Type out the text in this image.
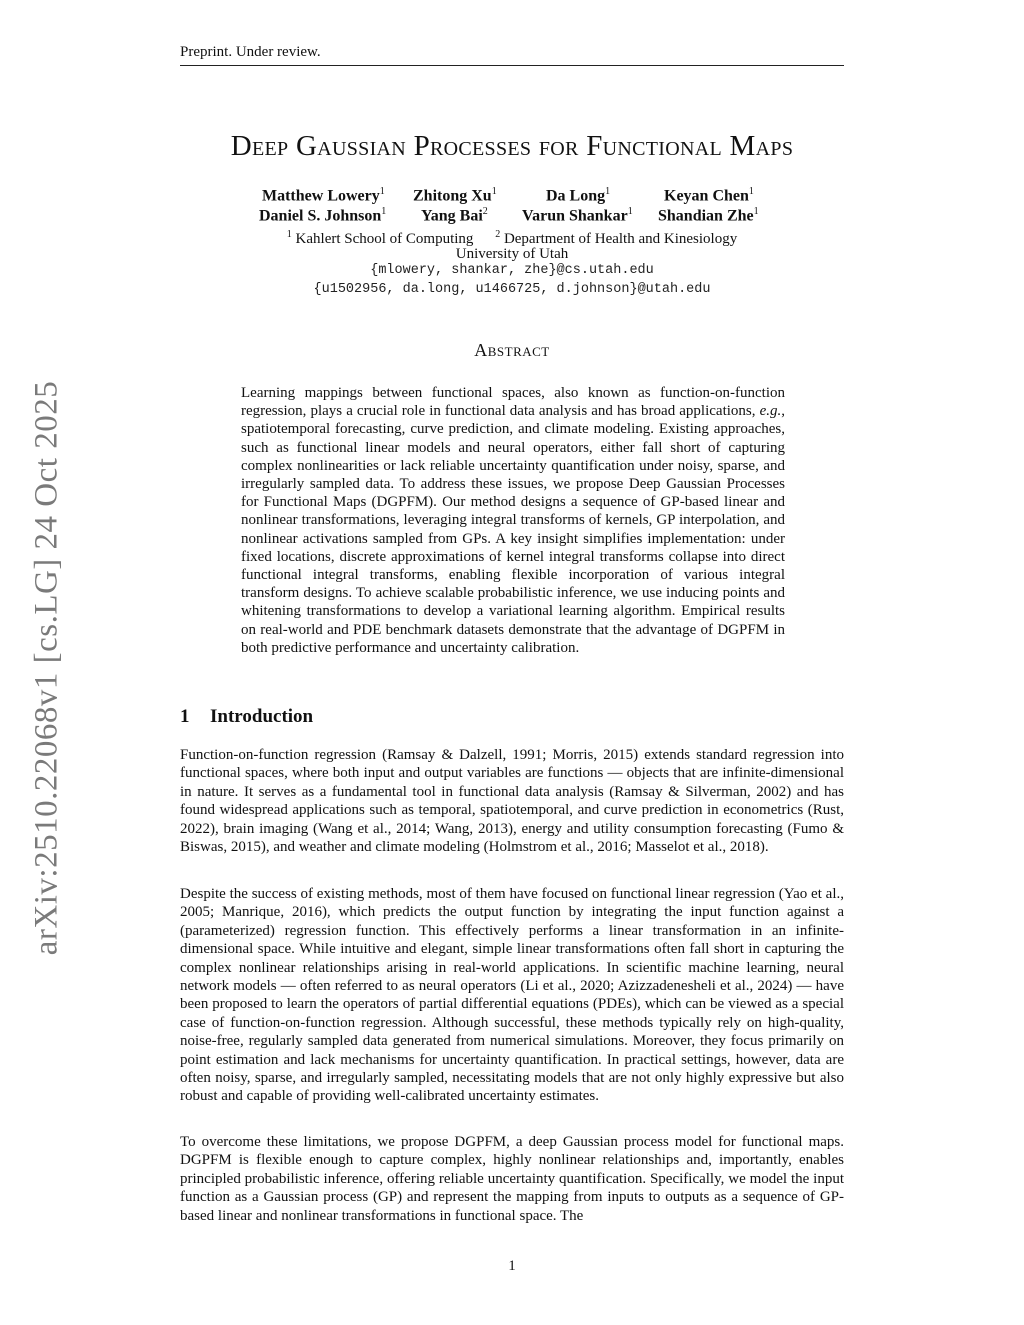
Preprint. Under review.
arXiv:2510.22068v1 [cs.LG] 24 Oct 2025
Deep Gaussian Processes for Functional Maps
Matthew Lowery$^1$ Zhitong Xu$^1$	Da Long$^1$	Keyan Chen$^1$
Daniel S. Johnson$^1$ Yang Bai$^2$ Varun Shankar$^1$ Shandian Zhe$^1$
$^1$ Kahlert School of Computing $^2$ Department of Health and Kinesiology
University of Utah
{mlowery, shankar, zhe}@cs.utah.edu
{u1502956, da.long, u1466725, d.johnson}@utah.edu
Abstract

Learning mappings between functional spaces, also known as function-on-function regression, plays a crucial role in functional data analysis and has broad applications, e.g., spatiotemporal forecasting, curve prediction, and climate modeling. Existing approaches, such as functional linear models and neural operators, either fall short of capturing complex nonlinearities or lack reliable uncertainty quantification under noisy, sparse, and irregularly sampled data. To address these issues, we propose Deep Gaussian Processes for Functional Maps (DGPFM). Our method designs a sequence of GP-based linear and nonlinear transformations, leveraging integral transforms of kernels, GP interpolation, and nonlinear activations sampled from GPs. A key insight simplifies implementation: under fixed locations, discrete approximations of kernel integral transforms collapse into direct functional integral transforms, enabling flexible incorporation of various integral transform designs. To achieve scalable probabilistic inference, we use inducing points and whitening transformations to develop a variational learning algorithm. Empirical results on real-world and PDE benchmark datasets demonstrate that the advantage of DGPFM in both predictive performance and uncertainty calibration.

1 Introduction

Function-on-function regression (Ramsay & Dalzell, 1991; Morris, 2015) extends standard regression into functional spaces, where both input and output variables are functions — objects that are infinite-dimensional in nature. It serves as a fundamental tool in functional data analysis (Ramsay & Silverman, 2002) and has found widespread applications such as temporal, spatiotemporal, and curve prediction in econometrics (Rust, 2022), brain imaging (Wang et al., 2014; Wang, 2013), energy and utility consumption forecasting (Fumo & Biswas, 2015), and weather and climate modeling (Holmstrom et al., 2016; Masselot et al., 2018).

Despite the success of existing methods, most of them have focused on functional linear regression (Yao et al., 2005; Manrique, 2016), which predicts the output function by integrating the input function against a (parameterized) regression function. This effectively performs a linear transformation in an infinite-dimensional space. While intuitive and elegant, simple linear transformations often fall short in capturing the complex nonlinear relationships arising in real-world applications. In scientific machine learning, neural network models — often referred to as neural operators (Li et al., 2020; Azizzadenesheli et al., 2024) — have been proposed to learn the operators of partial differential equations (PDEs), which can be viewed as a special case of function-on-function regression. Although successful, these methods typically rely on high-quality, noise-free, regularly sampled data generated from numerical simulations. Moreover, they focus primarily on point estimation and lack mechanisms for uncertainty quantification. In practical settings, however, data are often noisy, sparse, and irregularly sampled, necessitating models that are not only highly expressive but also robust and capable of providing well-calibrated uncertainty estimates.

To overcome these limitations, we propose DGPFM, a deep Gaussian process model for functional maps. DGPFM is flexible enough to capture complex, highly nonlinear relationships and, importantly, enables principled probabilistic inference, offering reliable uncertainty quantification. Specifically, we model the input function as a Gaussian process (GP) and represent the mapping from inputs to outputs as a sequence of GP-based linear and nonlinear transformations in functional space. The

1
